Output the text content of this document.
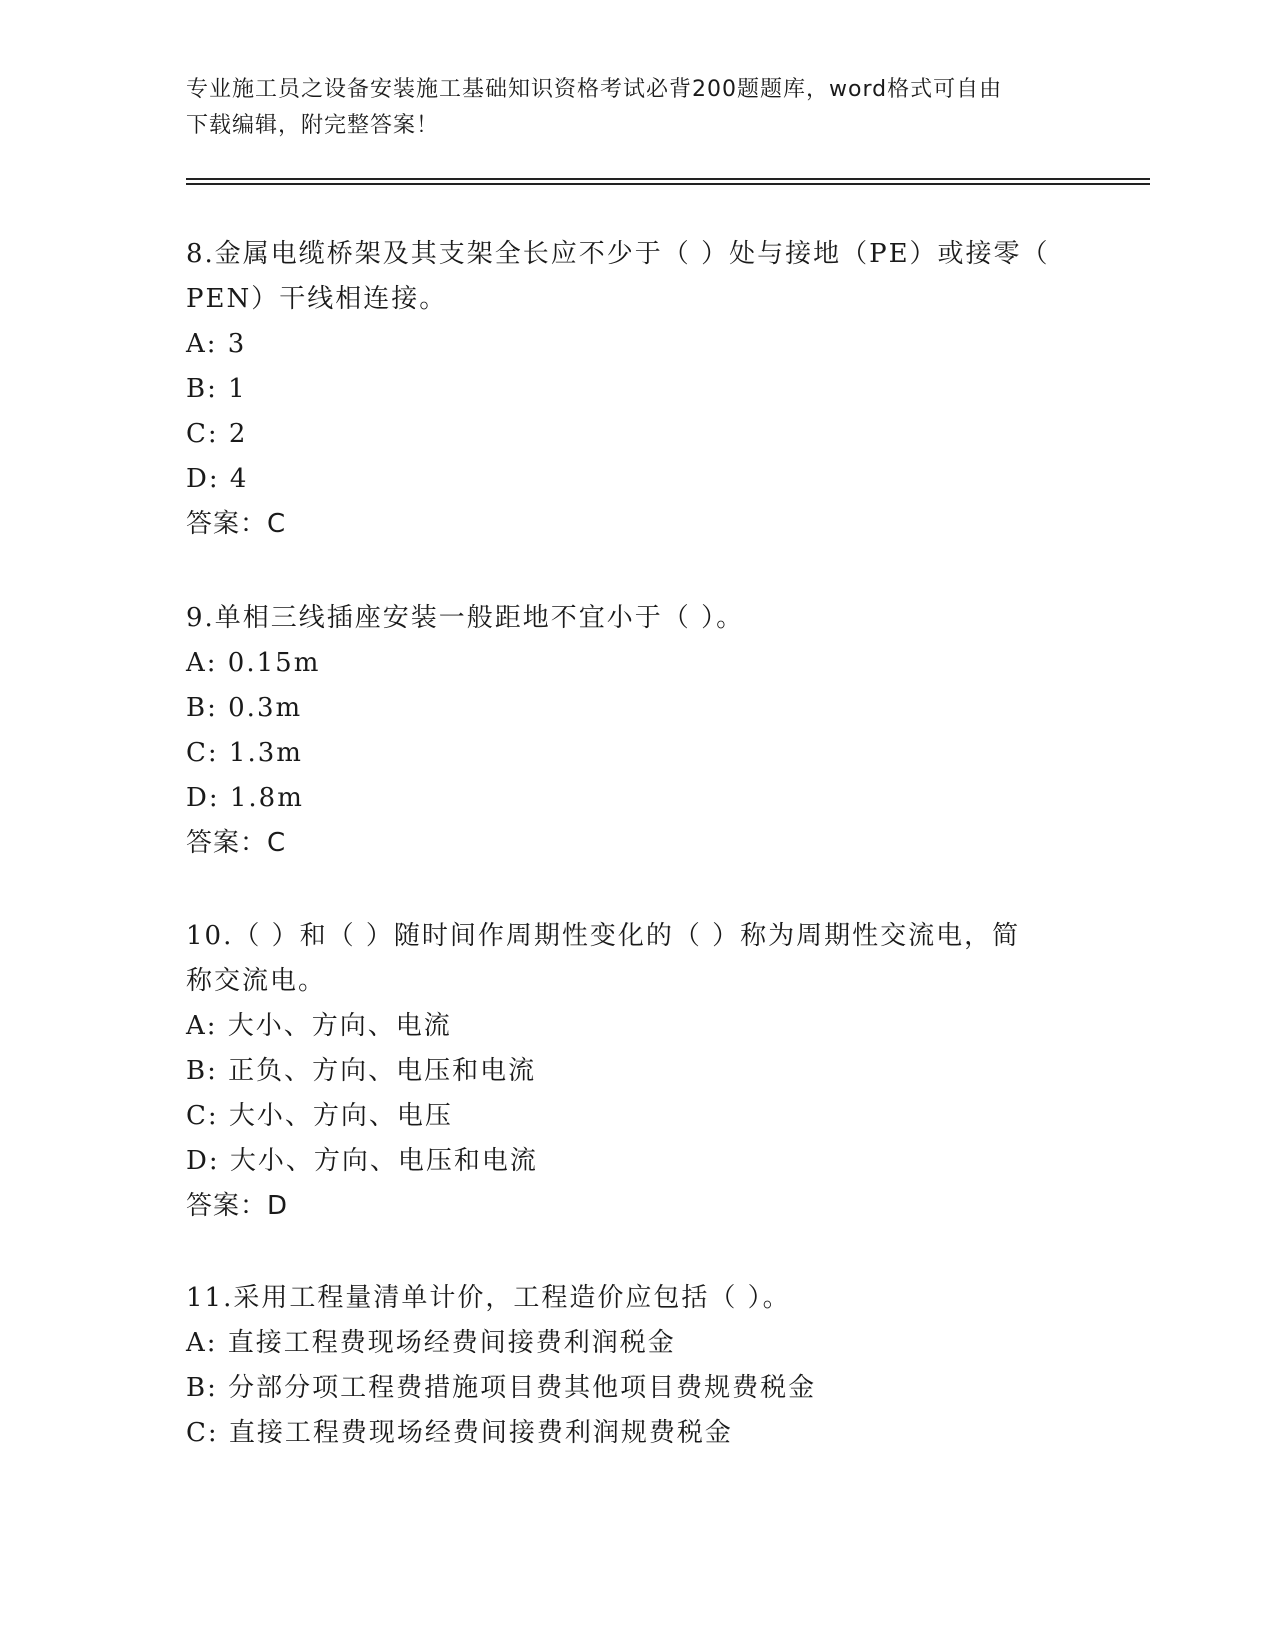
专业施工员之设备安装施工基础知识资格考试必背200题题库，word格式可自由
下载编辑，附完整答案！

8.金属电缆桥架及其支架全长应不少于（ ）处与接地（PE）或接零（

PEN）干线相连接。

A: 3

B: 1

C: 2

D: 4

答案：C

9.单相三线插座安装一般距地不宜小于（ ）。

A: 0.15m

B: 0.3m

C: 1.3m

D: 1.8m

答案：C

10.（ ）和（ ）随时间作周期性变化的（ ）称为周期性交流电，简

称交流电。

A: 大小、方向、电流

B: 正负、方向、电压和电流

C: 大小、方向、电压

D: 大小、方向、电压和电流

答案：D

11.采用工程量清单计价，工程造价应包括（ ）。

A: 直接工程费现场经费间接费利润税金

B: 分部分项工程费措施项目费其他项目费规费税金

C: 直接工程费现场经费间接费利润规费税金
